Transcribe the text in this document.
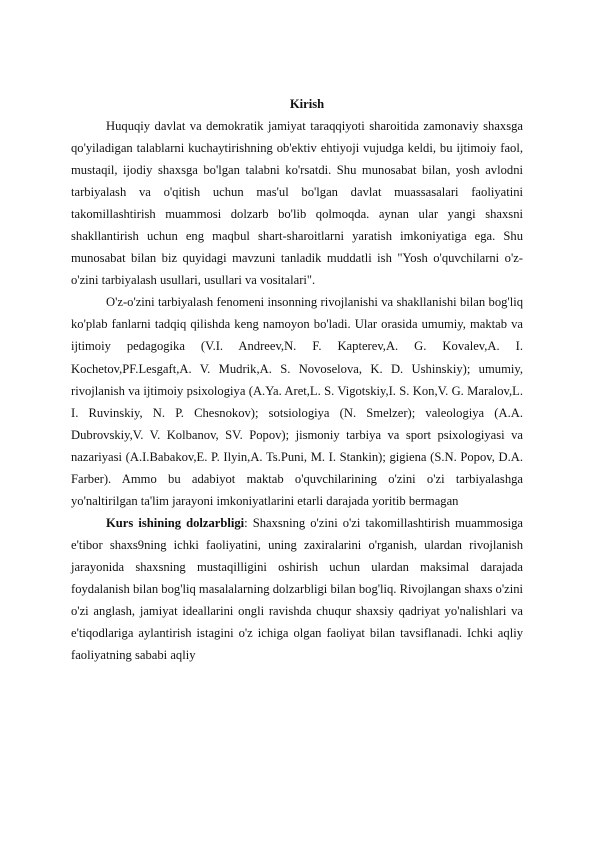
Kirish

Huquqiy davlat va demokratik jamiyat taraqqiyoti sharoitida zamonaviy shaxsga qo'yiladigan talablarni kuchaytirishning ob'ektiv ehtiyoji vujudga keldi, bu ijtimoiy faol, mustaqil, ijodiy shaxsga bo'lgan talabni ko'rsatdi. Shu munosabat bilan, yosh avlodni tarbiyalash va o'qitish uchun mas'ul bo'lgan davlat muassasalari faoliyatini takomillashtirish muammosi dolzarb bo'lib qolmoqda. aynan ular yangi shaxsni shakllantirish uchun eng maqbul shart-sharoitlarni yaratish imkoniyatiga ega. Shu munosabat bilan biz quyidagi mavzuni tanladik muddatli ish "Yosh o'quvchilarni o'z-o'zini tarbiyalash usullari, usullari va vositalari".

O'z-o'zini tarbiyalash fenomeni insonning rivojlanishi va shakllanishi bilan bog'liq ko'plab fanlarni tadqiq qilishda keng namoyon bo'ladi. Ular orasida umumiy, maktab va ijtimoiy pedagogika (V.I. Andreev,N. F. Kapterev,A. G. Kovalev,A. I. Kochetov,PF.Lesgaft,A. V. Mudrik,A. S. Novoselova, K. D. Ushinskiy); umumiy, rivojlanish va ijtimoiy psixologiya (A.Ya. Aret,L. S. Vigotskiy,I. S. Kon,V. G. Maralov,L. I. Ruvinskiy, N. P. Chesnokov); sotsiologiya (N. Smelzer); valeologiya (A.A. Dubrovskiy,V. V. Kolbanov, SV. Popov); jismoniy tarbiya va sport psixologiyasi va nazariyasi (A.I.Babakov,E. P. Ilyin,A. Ts.Puni, M. I. Stankin); gigiena (S.N. Popov, D.A. Farber). Ammo bu adabiyot maktab o'quvchilarining o'zini o'zi tarbiyalashga yo'naltirilgan ta'lim jarayoni imkoniyatlarini etarli darajada yoritib bermagan

Kurs ishining dolzarbligi: Shaxsning o'zini o'zi takomillashtirish muammosiga e'tibor shaxs9ning ichki faoliyatini, uning zaxiralarini o'rganish, ulardan rivojlanish jarayonida shaxsning mustaqilligini oshirish uchun ulardan maksimal darajada foydalanish bilan bog'liq masalalarning dolzarbligi bilan bog'liq. Rivojlangan shaxs o'zini o'zi anglash, jamiyat ideallarini ongli ravishda chuqur shaxsiy qadriyat yo'nalishlari va e'tiqodlariga aylantirish istagini o'z ichiga olgan faoliyat bilan tavsiflanadi. Ichki aqliy faoliyatning sababi aqliy
